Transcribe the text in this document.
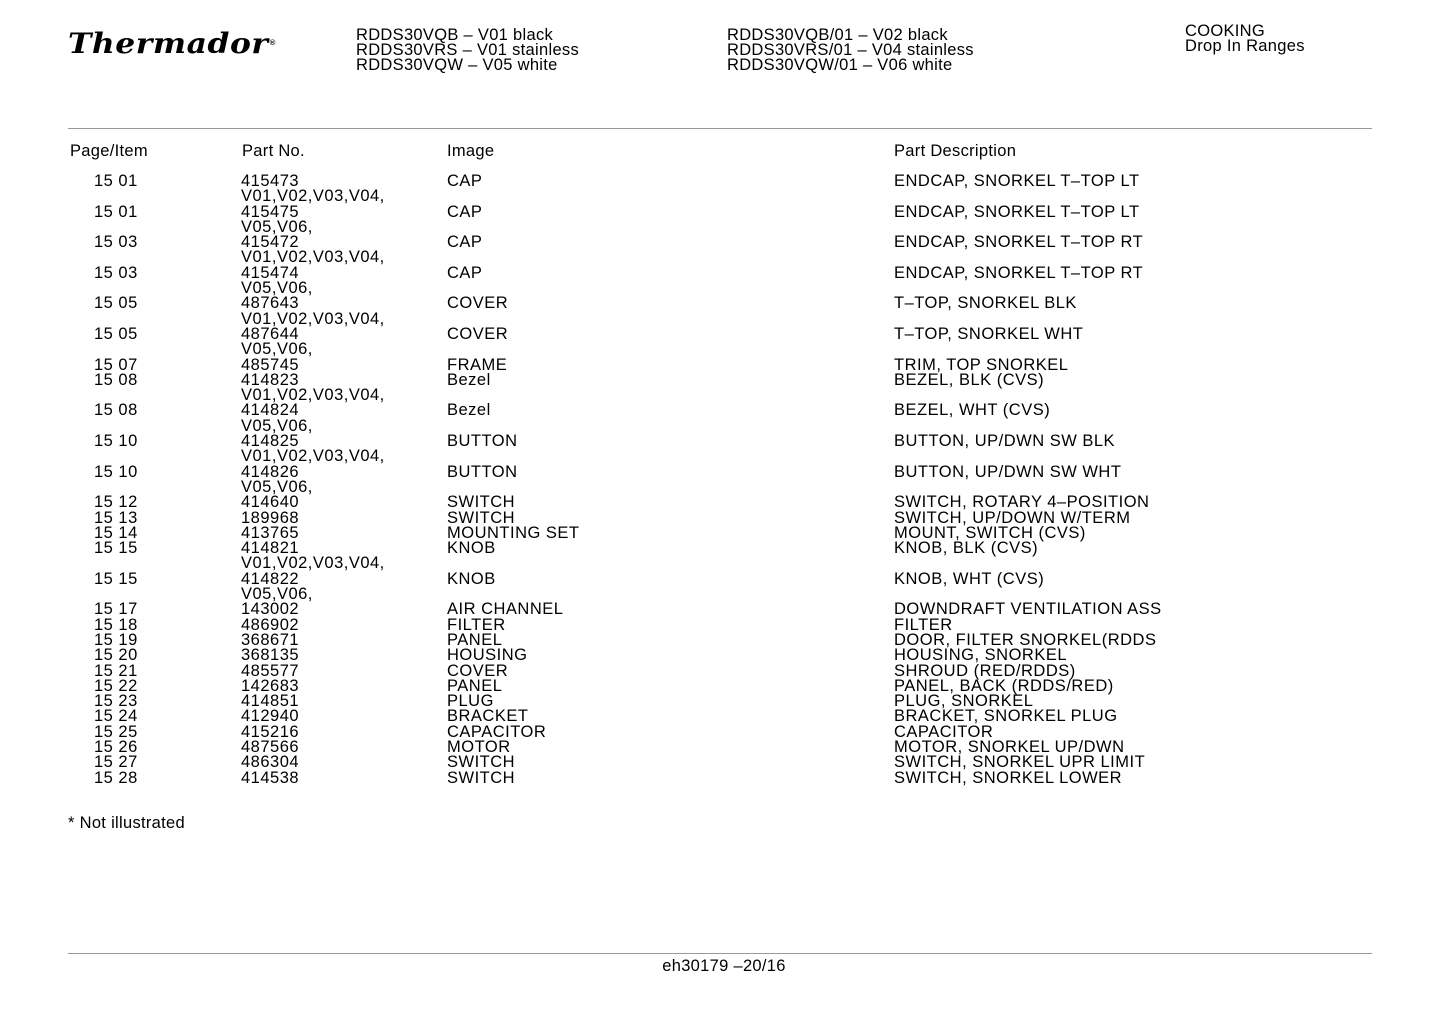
Thermador®	RDDS30VQB – V01 black
RDDS30VRS – V01 stainless
RDDS30VQW – V05 white
RDDS30VQB/01 – V02 black
RDDS30VRS/01 – V04 stainless
RDDS30VQW/01 – V06 white
COOKING
Drop In Ranges
Page/Item	Part No.	Image	Part Description
15 01	415473	CAP	ENDCAP, SNORKEL T–TOP LT
V01,V02,V03,V04,
15 01	415475	CAP	ENDCAP, SNORKEL T–TOP LT
V05,V06,
15 03	415472	CAP	ENDCAP, SNORKEL T–TOP RT
V01,V02,V03,V04,
15 03	415474	CAP	ENDCAP, SNORKEL T–TOP RT
V05,V06,
15 05	487643	COVER	T–TOP, SNORKEL BLK
V01,V02,V03,V04,
15 05	487644	COVER	T–TOP, SNORKEL WHT
V05,V06,
15 07	485745	FRAME	TRIM, TOP SNORKEL
15 08	414823	Bezel	BEZEL, BLK (CVS)
V01,V02,V03,V04,
15 08	414824	Bezel	BEZEL, WHT (CVS)
V05,V06,
15 10	414825	BUTTON	BUTTON, UP/DWN SW BLK
V01,V02,V03,V04,
15 10	414826	BUTTON	BUTTON, UP/DWN SW WHT
V05,V06,
15 12	414640	SWITCH	SWITCH, ROTARY 4–POSITION
15 13	189968	SWITCH	SWITCH, UP/DOWN W/TERM
15 14	413765	MOUNTING SET	MOUNT, SWITCH (CVS)
15 15	414821	KNOB	KNOB, BLK (CVS)
V01,V02,V03,V04,
15 15	414822	KNOB	KNOB, WHT (CVS)
V05,V06,
15 17	143002	AIR CHANNEL	DOWNDRAFT VENTILATION ASS
15 18	486902	FILTER	FILTER
15 19	368671	PANEL	DOOR, FILTER SNORKEL(RDDS
15 20	368135	HOUSING	HOUSING, SNORKEL
15 21	485577	COVER	SHROUD (RED/RDDS)
15 22	142683	PANEL	PANEL, BACK (RDDS/RED)
15 23	414851	PLUG	PLUG, SNORKEL
15 24	412940	BRACKET	BRACKET, SNORKEL PLUG
15 25	415216	CAPACITOR	CAPACITOR
15 26	487566	MOTOR	MOTOR, SNORKEL UP/DWN
15 27	486304	SWITCH	SWITCH, SNORKEL UPR LIMIT
15 28	414538	SWITCH	SWITCH, SNORKEL LOWER
* Not illustrated
eh30179 –20/16
